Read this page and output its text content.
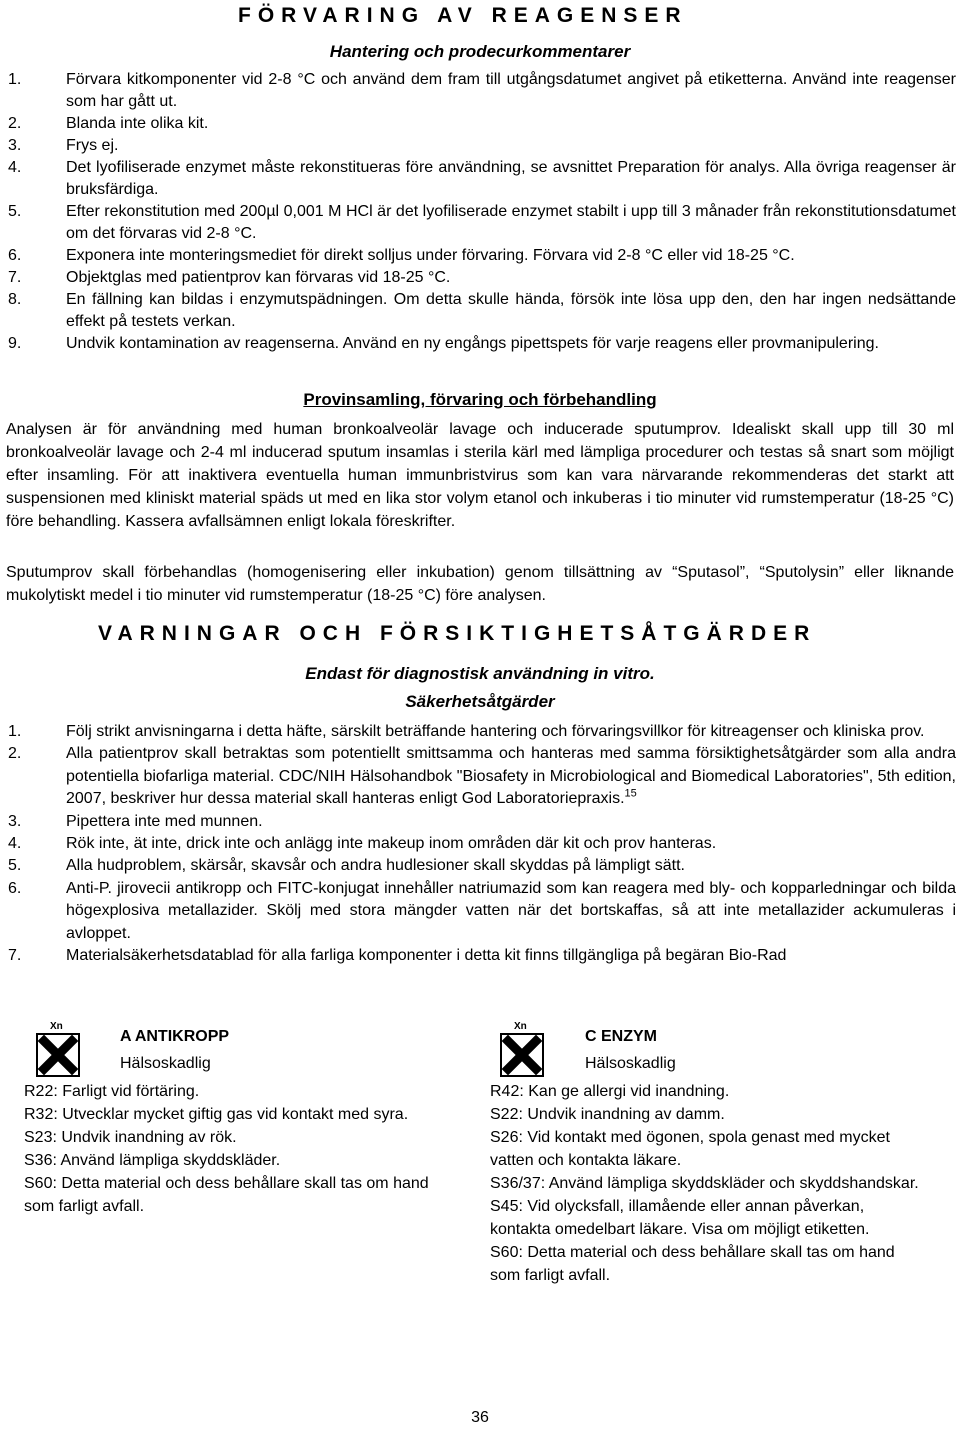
FÖRVARING AV REAGENSER
Hantering och prodecurkommentarer
1.	Förvara kitkomponenter vid 2-8 °C och använd dem fram till utgångsdatumet angivet på etiketterna. Använd inte reagenser som har gått ut.
2.	Blanda inte olika kit.
3.	Frys ej.
4.	Det lyofiliserade enzymet måste rekonstitueras före användning, se avsnittet Preparation för analys. Alla övriga reagenser är bruksfärdiga.
5.	Efter rekonstitution med 200µl 0,001 M HCl är det lyofiliserade enzymet stabilt i upp till 3 månader från rekonstitutionsdatumet om det förvaras vid 2-8 °C.
6.	Exponera inte monteringsmediet för direkt solljus under förvaring. Förvara vid 2-8 °C eller vid 18-25 °C.
7.	Objektglas med patientprov kan förvaras vid 18-25 °C.
8.	En fällning kan bildas i enzymutspädningen. Om detta skulle hända, försök inte lösa upp den, den har ingen nedsättande effekt på testets verkan.
9.	Undvik kontamination av reagenserna. Använd en ny engångs pipettspets för varje reagens eller provmanipulering.
Provinsamling, förvaring och förbehandling
Analysen är för användning med human bronkoalveolär lavage och inducerade sputumprov. Idealiskt skall upp till 30 ml bronkoalveolär lavage och 2-4 ml inducerad sputum insamlas i sterila kärl med lämpliga procedurer och testas så snart som möjligt efter insamling. För att inaktivera eventuella human immunbristvirus som kan vara närvarande rekommenderas det starkt att suspensionen med kliniskt material späds ut med en lika stor volym etanol och inkuberas i tio minuter vid rumstemperatur (18-25 °C) före behandling. Kassera avfallsämnen enligt lokala föreskrifter.
Sputumprov skall förbehandlas (homogenisering eller inkubation) genom tillsättning av “Sputasol”, “Sputolysin” eller liknande mukolytiskt medel i tio minuter vid rumstemperatur (18-25 °C) före analysen.
VARNINGAR OCH FÖRSIKTIGHETSÅTGÄRDER
Endast för diagnostisk användning in vitro.
Säkerhetsåtgärder
1.	Följ strikt anvisningarna i detta häfte, särskilt beträffande hantering och förvaringsvillkor för kitreagenser och kliniska prov.
2.	Alla patientprov skall betraktas som potentiellt smittsamma och hanteras med samma försiktighetsåtgärder som alla andra potentiella biofarliga material. CDC/NIH Hälsohandbok "Biosafety in Microbiological and Biomedical Laboratories", 5th edition, 2007, beskriver hur dessa material skall hanteras enligt God Laboratoriepraxis.$^{15}$
3.	Pipettera inte med munnen.
4.	Rök inte, ät inte, drick inte och anlägg inte makeup inom områden där kit och prov hanteras.
5.	Alla hudproblem, skärsår, skavsår och andra hudlesioner skall skyddas på lämpligt sätt.
6.	Anti-P. jirovecii antikropp och FITC-konjugat innehåller natriumazid som kan reagera med bly- och kopparledningar och bilda högexplosiva metallazider. Skölj med stora mängder vatten när det bortskaffas, så att inte metallazider ackumuleras i avloppet.
7.	Materialsäkerhetsdatablad för alla farliga komponenter i detta kit finns tillgängliga på begäran Bio-Rad
Xn
A ANTIKROPP
Hälsoskadlig
R22: Farligt vid förtäring.
R32: Utvecklar mycket giftig gas vid kontakt med syra.
S23: Undvik inandning av rök.
S36: Använd lämpliga skyddskläder.
S60: Detta material och dess behållare skall tas om hand som farligt avfall.
Xn
C ENZYM
Hälsoskadlig
R42: Kan ge allergi vid inandning.
S22: Undvik inandning av damm.
S26: Vid kontakt med ögonen, spola genast med mycket vatten och kontakta läkare.
S36/37: Använd lämpliga skyddskläder och skyddshandskar.
S45: Vid olycksfall, illamående eller annan påverkan, kontakta omedelbart läkare. Visa om möjligt etiketten.
S60: Detta material och dess behållare skall tas om hand som farligt avfall.
36
